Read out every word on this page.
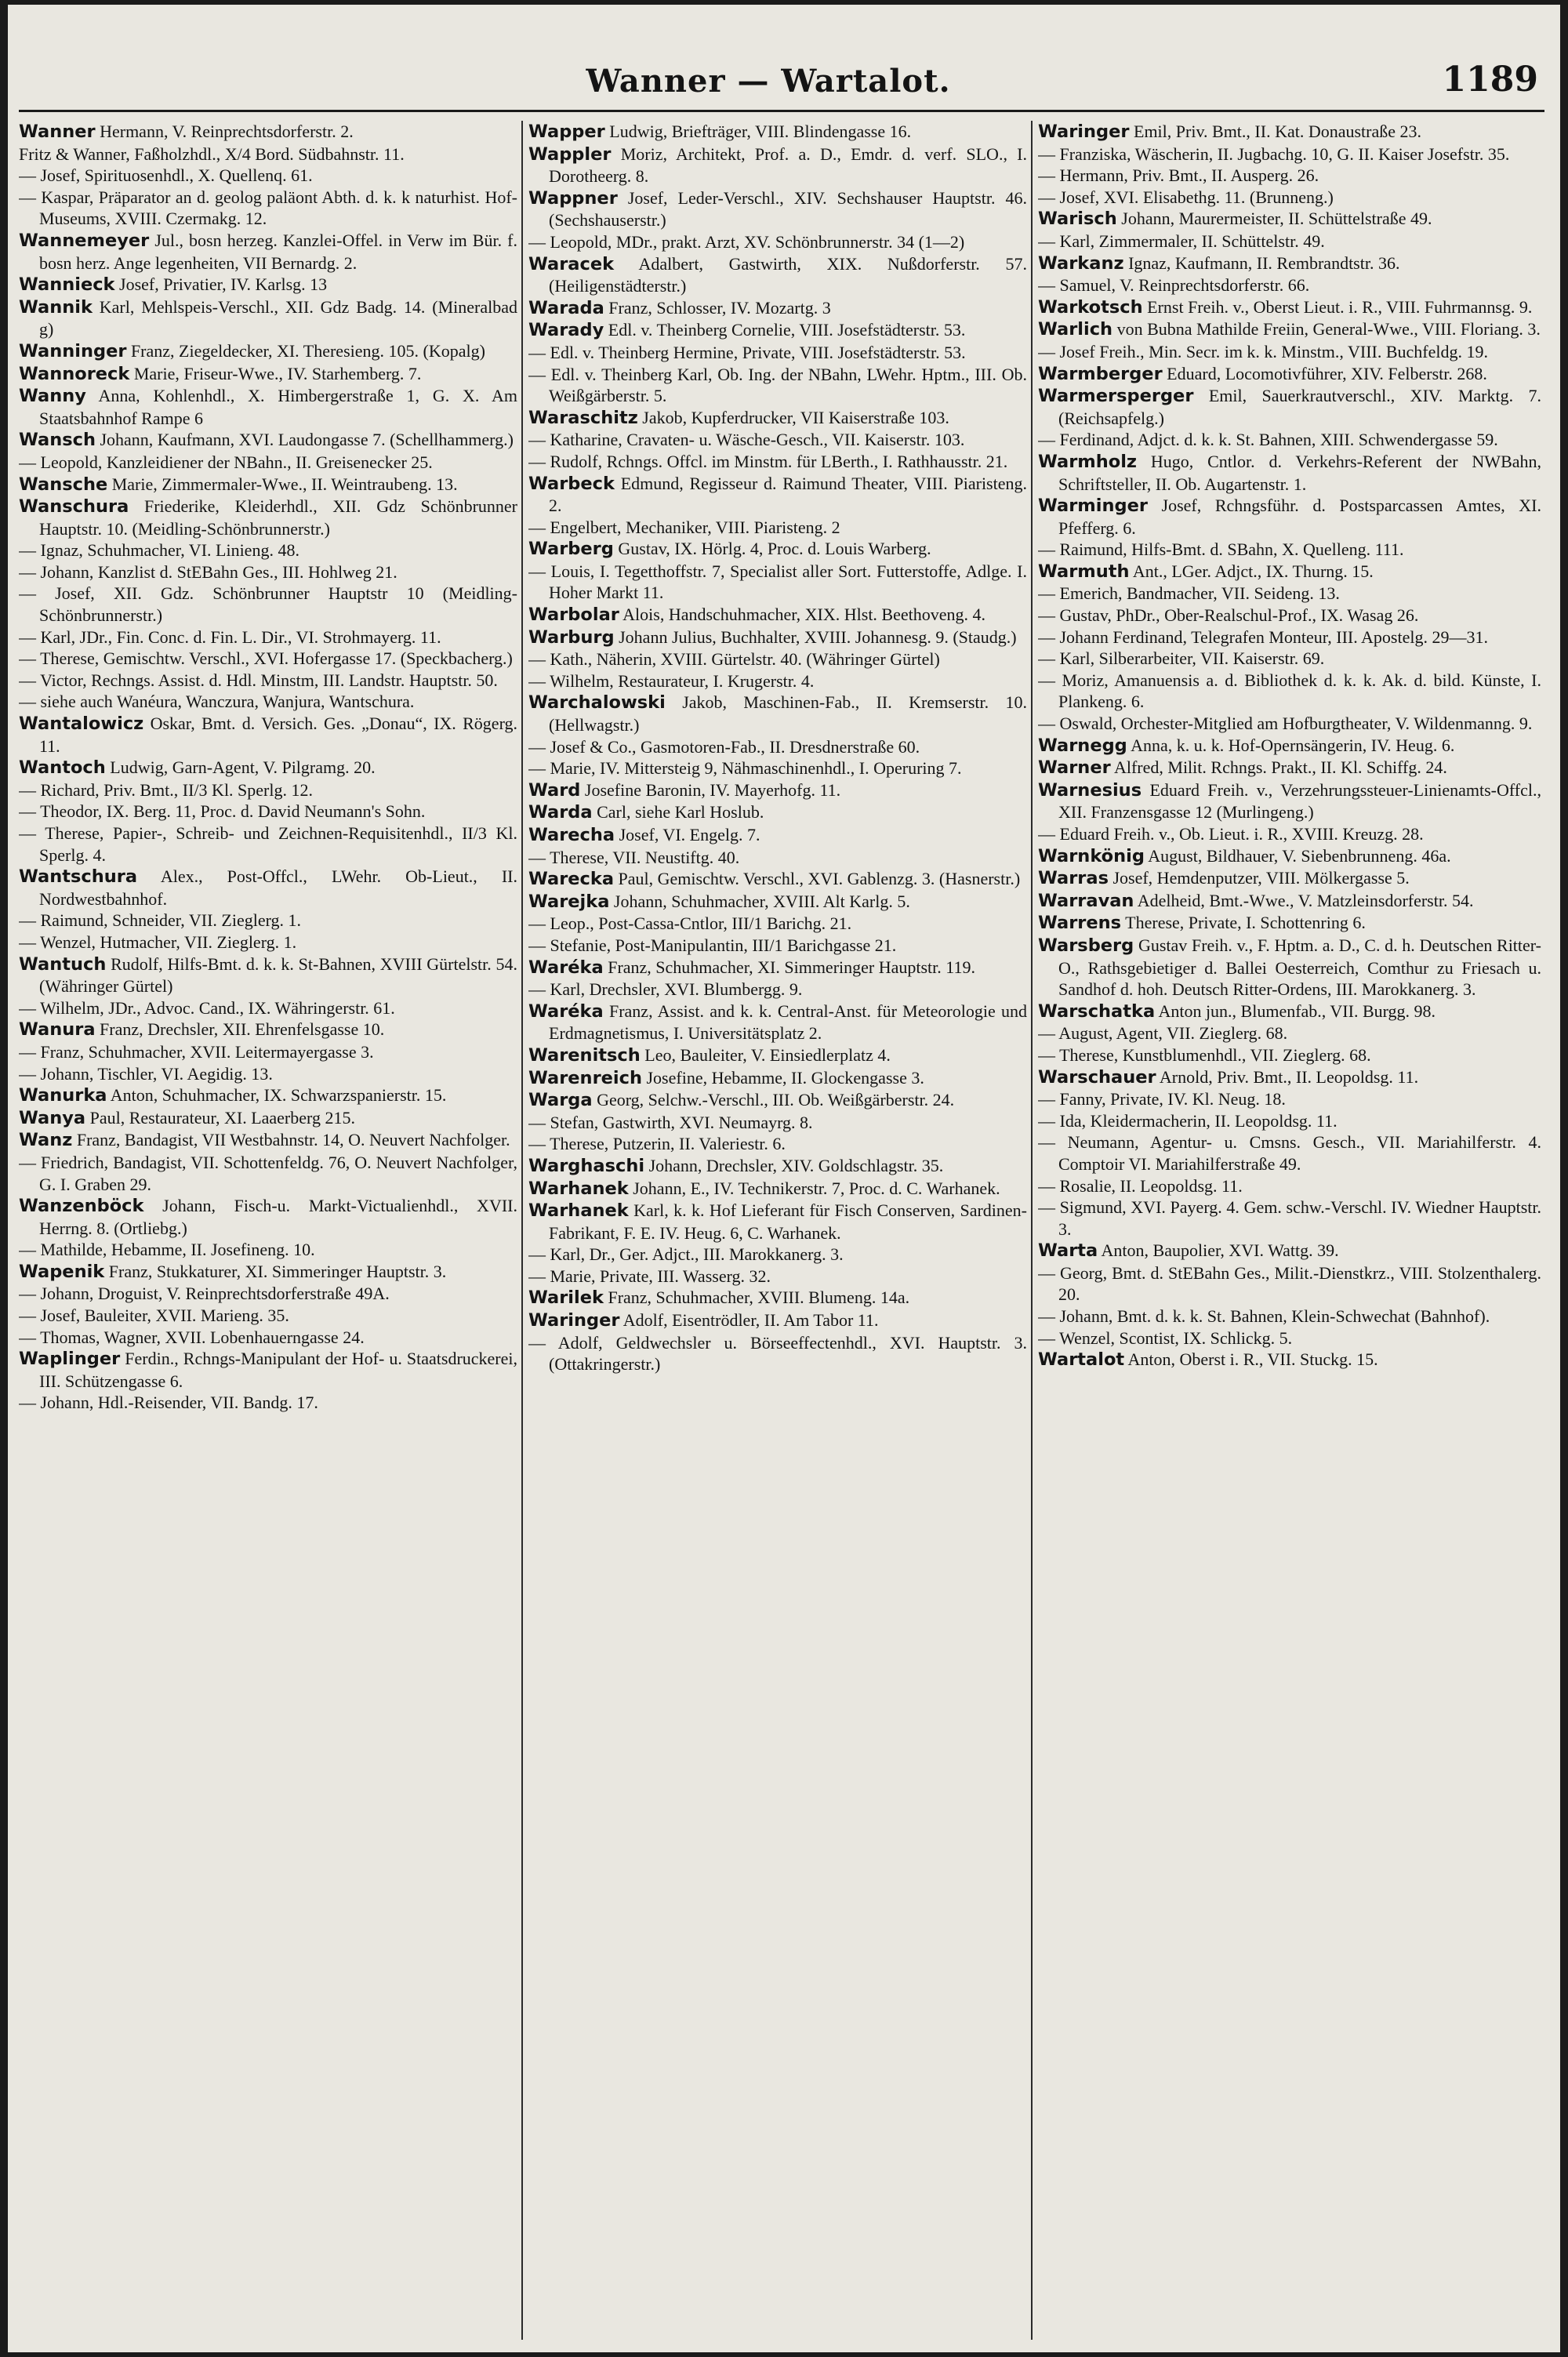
Wanner — Wartalot.	1189

Wanner Hermann, V. Reinprechtsdorferstr. 2.

Fritz & Wanner, Faßholzhdl., X/4 Bord. Südbahnstr. 11.

— Josef, Spirituosenhdl., X. Quellenq. 61.

— Kaspar, Präparator an d. geolog paläont Abth. d. k. k naturhist. Hof-Museums, XVIII. Czermakg. 12.

Wannemeyer Jul., bosn herzeg. Kanzlei-Offel. in Verw im Bür. f. bosn herz. Ange legenheiten, VII Bernardg. 2.

Wannieck Josef, Privatier, IV. Karlsg. 13

Wannik Karl, Mehlspeis-Verschl., XII. Gdz Badg. 14. (Mineralbad g)

Wanninger Franz, Ziegeldecker, XI. Theresieng. 105. (Kopalg)

Wannoreck Marie, Friseur-Wwe., IV. Starhemberg. 7.

Wanny Anna, Kohlenhdl., X. Himbergerstraße 1, G. X. Am Staatsbahnhof Rampe 6

Wansch Johann, Kaufmann, XVI. Laudongasse 7. (Schellhammerg.)

— Leopold, Kanzleidiener der NBahn., II. Greisenecker 25.

Wansche Marie, Zimmermaler-Wwe., II. Weintraubeng. 13.

Wanschura Friederike, Kleiderhdl., XII. Gdz Schönbrunner Hauptstr. 10. (Meidling-Schönbrunnerstr.)

— Ignaz, Schuhmacher, VI. Linieng. 48.

— Johann, Kanzlist d. StEBahn Ges., III. Hohlweg 21.

— Josef, XII. Gdz. Schönbrunner Hauptstr 10 (Meidling-Schönbrunnerstr.)

— Karl, JDr., Fin. Conc. d. Fin. L. Dir., VI. Strohmayerg. 11.

— Therese, Gemischtw. Verschl., XVI. Hofergasse 17. (Speckbacherg.)

— Victor, Rechngs. Assist. d. Hdl. Minstm, III. Landstr. Hauptstr. 50.

— siehe auch Wanéura, Wanczura, Wanjura, Wantschura.

Wantalowicz Oskar, Bmt. d. Versich. Ges. „Donau“, IX. Rögerg. 11.

Wantoch Ludwig, Garn-Agent, V. Pilgramg. 20.

— Richard, Priv. Bmt., II/3 Kl. Sperlg. 12.

— Theodor, IX. Berg. 11, Proc. d. David Neumann's Sohn.

— Therese, Papier-, Schreib- und Zeichnen-Requisitenhdl., II/3 Kl. Sperlg. 4.

Wantschura Alex., Post-Offcl., LWehr. Ob-Lieut., II. Nordwestbahnhof.

— Raimund, Schneider, VII. Zieglerg. 1.

— Wenzel, Hutmacher, VII. Zieglerg. 1.

Wantuch Rudolf, Hilfs-Bmt. d. k. k. St-Bahnen, XVIII Gürtelstr. 54. (Währinger Gürtel)

— Wilhelm, JDr., Advoc. Cand., IX. Währingerstr. 61.

Wanura Franz, Drechsler, XII. Ehrenfelsgasse 10.

— Franz, Schuhmacher, XVII. Leitermayergasse 3.

— Johann, Tischler, VI. Aegidig. 13.

Wanurka Anton, Schuhmacher, IX. Schwarzspanierstr. 15.

Wanya Paul, Restaurateur, XI. Laaerberg 215.

Wanz Franz, Bandagist, VII Westbahnstr. 14, O. Neuvert Nachfolger.

— Friedrich, Bandagist, VII. Schottenfeldg. 76, O. Neuvert Nachfolger, G. I. Graben 29.

Wanzenböck Johann, Fisch-u. Markt-Victualienhdl., XVII. Herrng. 8. (Ortliebg.)

— Mathilde, Hebamme, II. Josefineng. 10.

Wapenik Franz, Stukkaturer, XI. Simmeringer Hauptstr. 3.

— Johann, Droguist, V. Reinprechtsdorferstraße 49A.

— Josef, Bauleiter, XVII. Marieng. 35.

— Thomas, Wagner, XVII. Lobenhauerngasse 24.

Waplinger Ferdin., Rchngs-Manipulant der Hof- u. Staatsdruckerei, III. Schützengasse 6.

— Johann, Hdl.-Reisender, VII. Bandg. 17.

Wapper Ludwig, Briefträger, VIII. Blindengasse 16.

Wappler Moriz, Architekt, Prof. a. D., Emdr. d. verf. SLO., I. Dorotheerg. 8.

Wappner Josef, Leder-Verschl., XIV. Sechshauser Hauptstr. 46. (Sechshauserstr.)

— Leopold, MDr., prakt. Arzt, XV. Schönbrunnerstr. 34 (1—2)

Waracek Adalbert, Gastwirth, XIX. Nußdorferstr. 57. (Heiligenstädterstr.)

Warada Franz, Schlosser, IV. Mozartg. 3

Warady Edl. v. Theinberg Cornelie, VIII. Josefstädterstr. 53.

— Edl. v. Theinberg Hermine, Private, VIII. Josefstädterstr. 53.

— Edl. v. Theinberg Karl, Ob. Ing. der NBahn, LWehr. Hptm., III. Ob. Weißgärberstr. 5.

Waraschitz Jakob, Kupferdrucker, VII Kaiserstraße 103.

— Katharine, Cravaten- u. Wäsche-Gesch., VII. Kaiserstr. 103.

— Rudolf, Rchngs. Offcl. im Minstm. für LBerth., I. Rathhausstr. 21.

Warbeck Edmund, Regisseur d. Raimund Theater, VIII. Piaristeng. 2.

— Engelbert, Mechaniker, VIII. Piaristeng. 2

Warberg Gustav, IX. Hörlg. 4, Proc. d. Louis Warberg.

— Louis, I. Tegetthoffstr. 7, Specialist aller Sort. Futterstoffe, Adlge. I. Hoher Markt 11.

Warbolar Alois, Handschuhmacher, XIX. Hlst. Beethoveng. 4.

Warburg Johann Julius, Buchhalter, XVIII. Johannesg. 9. (Staudg.)

— Kath., Näherin, XVIII. Gürtelstr. 40. (Währinger Gürtel)

— Wilhelm, Restaurateur, I. Krugerstr. 4.

Warchalowski Jakob, Maschinen-Fab., II. Kremserstr. 10. (Hellwagstr.)

— Josef & Co., Gasmotoren-Fab., II. Dresdnerstraße 60.

— Marie, IV. Mittersteig 9, Nähmaschinenhdl., I. Operuring 7.

Ward Josefine Baronin, IV. Mayerhofg. 11.

Warda Carl, siehe Karl Hoslub.

Warecha Josef, VI. Engelg. 7.

— Therese, VII. Neustiftg. 40.

Warecka Paul, Gemischtw. Verschl., XVI. Gablenzg. 3. (Hasnerstr.)

Warejka Johann, Schuhmacher, XVIII. Alt Karlg. 5.

— Leop., Post-Cassa-Cntlor, III/1 Barichg. 21.

— Stefanie, Post-Manipulantin, III/1 Barichgasse 21.

Waréka Franz, Schuhmacher, XI. Simmeringer Hauptstr. 119.

— Karl, Drechsler, XVI. Blumbergg. 9.

Waréka Franz, Assist. and k. k. Central-Anst. für Meteorologie und Erdmagnetismus, I. Universitätsplatz 2.

Warenitsch Leo, Bauleiter, V. Einsiedlerplatz 4.

Warenreich Josefine, Hebamme, II. Glockengasse 3.

Warga Georg, Selchw.-Verschl., III. Ob. Weißgärberstr. 24.

— Stefan, Gastwirth, XVI. Neumayrg. 8.

— Therese, Putzerin, II. Valeriestr. 6.

Warghaschi Johann, Drechsler, XIV. Goldschlagstr. 35.

Warhanek Johann, E., IV. Technikerstr. 7, Proc. d. C. Warhanek.

Warhanek Karl, k. k. Hof Lieferant für Fisch Conserven, Sardinen-Fabrikant, F. E. IV. Heug. 6, C. Warhanek.

— Karl, Dr., Ger. Adjct., III. Marokkanerg. 3.

— Marie, Private, III. Wasserg. 32.

Warilek Franz, Schuhmacher, XVIII. Blumeng. 14a.

Waringer Adolf, Eisentrödler, II. Am Tabor 11.

— Adolf, Geldwechsler u. Börseeffectenhdl., XVI. Hauptstr. 3. (Ottakringerstr.)

Waringer Emil, Priv. Bmt., II. Kat. Donaustraße 23.

— Franziska, Wäscherin, II. Jugbachg. 10, G. II. Kaiser Josefstr. 35.

— Hermann, Priv. Bmt., II. Ausperg. 26.

— Josef, XVI. Elisabethg. 11. (Brunneng.)

Warisch Johann, Maurermeister, II. Schüttelstraße 49.

— Karl, Zimmermaler, II. Schüttelstr. 49.

Warkanz Ignaz, Kaufmann, II. Rembrandtstr. 36.

— Samuel, V. Reinprechtsdorferstr. 66.

Warkotsch Ernst Freih. v., Oberst Lieut. i. R., VIII. Fuhrmannsg. 9.

Warlich von Bubna Mathilde Freiin, General-Wwe., VIII. Floriang. 3.

— Josef Freih., Min. Secr. im k. k. Minstm., VIII. Buchfeldg. 19.

Warmberger Eduard, Locomotivführer, XIV. Felberstr. 268.

Warmersperger Emil, Sauerkrautverschl., XIV. Marktg. 7. (Reichsapfelg.)

— Ferdinand, Adjct. d. k. k. St. Bahnen, XIII. Schwendergasse 59.

Warmholz Hugo, Cntlor. d. Verkehrs-Referent der NWBahn, Schriftsteller, II. Ob. Augartenstr. 1.

Warminger Josef, Rchngsführ. d. Postsparcassen Amtes, XI. Pfefferg. 6.

— Raimund, Hilfs-Bmt. d. SBahn, X. Quelleng. 111.

Warmuth Ant., LGer. Adjct., IX. Thurng. 15.

— Emerich, Bandmacher, VII. Seideng. 13.

— Gustav, PhDr., Ober-Realschul-Prof., IX. Wasag 26.

— Johann Ferdinand, Telegrafen Monteur, III. Apostelg. 29—31.

— Karl, Silberarbeiter, VII. Kaiserstr. 69.

— Moriz, Amanuensis a. d. Bibliothek d. k. k. Ak. d. bild. Künste, I. Plankeng. 6.

— Oswald, Orchester-Mitglied am Hofburgtheater, V. Wildenmanng. 9.

Warnegg Anna, k. u. k. Hof-Opernsängerin, IV. Heug. 6.

Warner Alfred, Milit. Rchngs. Prakt., II. Kl. Schiffg. 24.

Warnesius Eduard Freih. v., Verzehrungssteuer-Linienamts-Offcl., XII. Franzensgasse 12 (Murlingeng.)

— Eduard Freih. v., Ob. Lieut. i. R., XVIII. Kreuzg. 28.

Warnkönig August, Bildhauer, V. Siebenbrunneng. 46a.

Warras Josef, Hemdenputzer, VIII. Mölkergasse 5.

Warravan Adelheid, Bmt.-Wwe., V. Matzleinsdorferstr. 54.

Warrens Therese, Private, I. Schottenring 6.

Warsberg Gustav Freih. v., F. Hptm. a. D., C. d. h. Deutschen Ritter-O., Rathsgebietiger d. Ballei Oesterreich, Comthur zu Friesach u. Sandhof d. hoh. Deutsch Ritter-Ordens, III. Marokkanerg. 3.

Warschatka Anton jun., Blumenfab., VII. Burgg. 98.

— August, Agent, VII. Zieglerg. 68.

— Therese, Kunstblumenhdl., VII. Zieglerg. 68.

Warschauer Arnold, Priv. Bmt., II. Leopoldsg. 11.

— Fanny, Private, IV. Kl. Neug. 18.

— Ida, Kleidermacherin, II. Leopoldsg. 11.

— Neumann, Agentur- u. Cmsns. Gesch., VII. Mariahilferstr. 4. Comptoir VI. Mariahilferstraße 49.

— Rosalie, II. Leopoldsg. 11.

— Sigmund, XVI. Payerg. 4. Gem. schw.-Verschl. IV. Wiedner Hauptstr. 3.

Warta Anton, Baupolier, XVI. Wattg. 39.

— Georg, Bmt. d. StEBahn Ges., Milit.-Dienstkrz., VIII. Stolzenthalerg. 20.

— Johann, Bmt. d. k. k. St. Bahnen, Klein-Schwechat (Bahnhof).

— Wenzel, Scontist, IX. Schlickg. 5.

Wartalot Anton, Oberst i. R., VII. Stuckg. 15.
